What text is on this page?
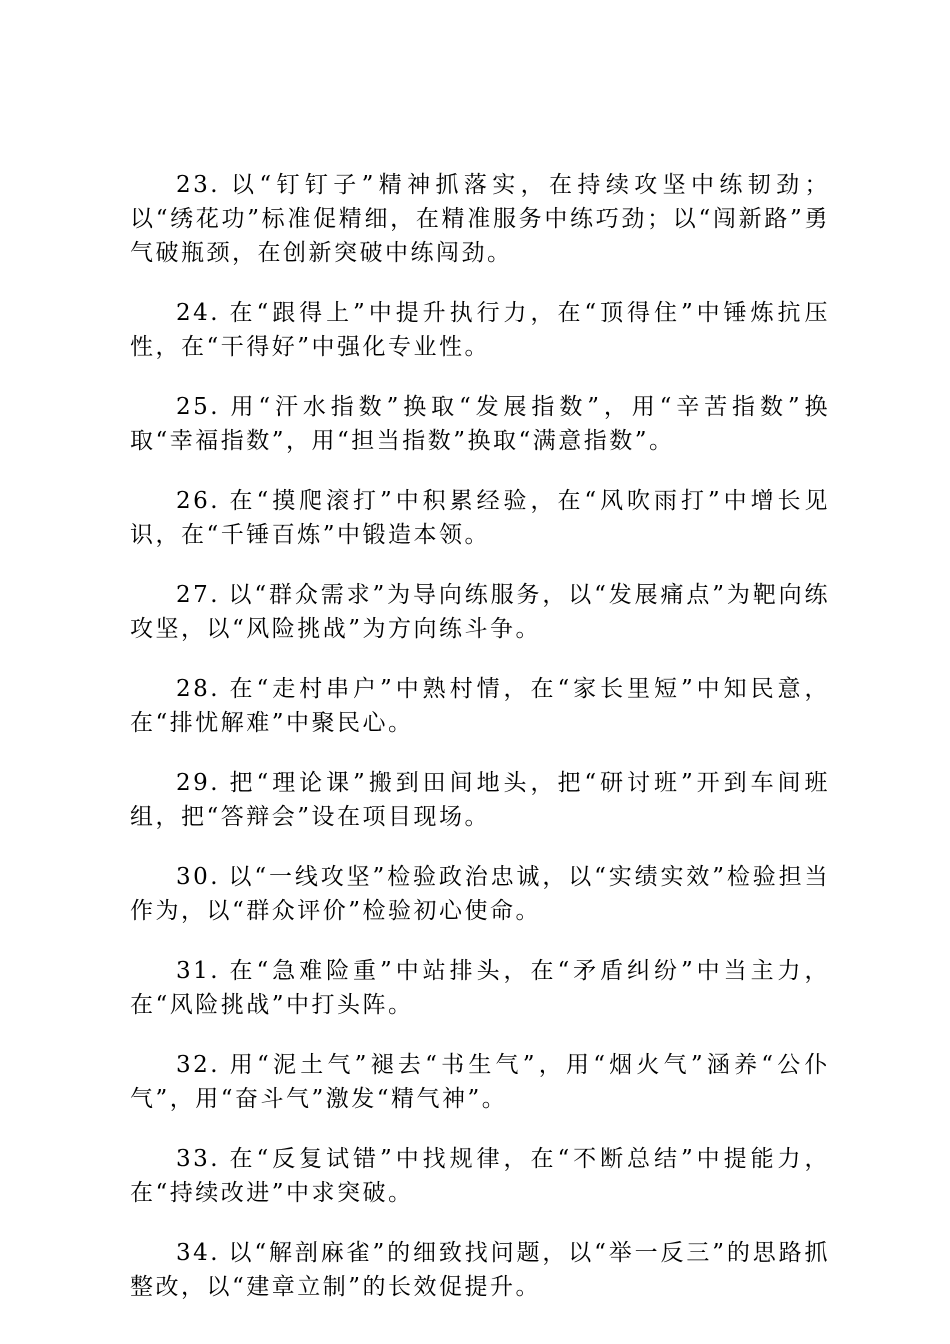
23. 以“钉钉子”精神抓落实，在持续攻坚中练韧劲；以“绣花功”标准促精细，在精准服务中练巧劲；以“闯新路”勇气破瓶颈，在创新突破中练闯劲。

24. 在“跟得上”中提升执行力，在“顶得住”中锤炼抗压性，在“干得好”中强化专业性。

25. 用“汗水指数”换取“发展指数”，用“辛苦指数”换取“幸福指数”，用“担当指数”换取“满意指数”。

26. 在“摸爬滚打”中积累经验，在“风吹雨打”中增长见识，在“千锤百炼”中锻造本领。

27. 以“群众需求”为导向练服务，以“发展痛点”为靶向练攻坚，以“风险挑战”为方向练斗争。

28. 在“走村串户”中熟村情，在“家长里短”中知民意，在“排忧解难”中聚民心。

29. 把“理论课”搬到田间地头，把“研讨班”开到车间班组，把“答辩会”设在项目现场。

30. 以“一线攻坚”检验政治忠诚，以“实绩实效”检验担当作为，以“群众评价”检验初心使命。

31. 在“急难险重”中站排头，在“矛盾纠纷”中当主力，在“风险挑战”中打头阵。

32. 用“泥土气”褪去“书生气”，用“烟火气”涵养“公仆气”，用“奋斗气”激发“精气神”。

33. 在“反复试错”中找规律，在“不断总结”中提能力，在“持续改进”中求突破。

34. 以“解剖麻雀”的细致找问题，以“举一反三”的思路抓整改，以“建章立制”的长效促提升。
